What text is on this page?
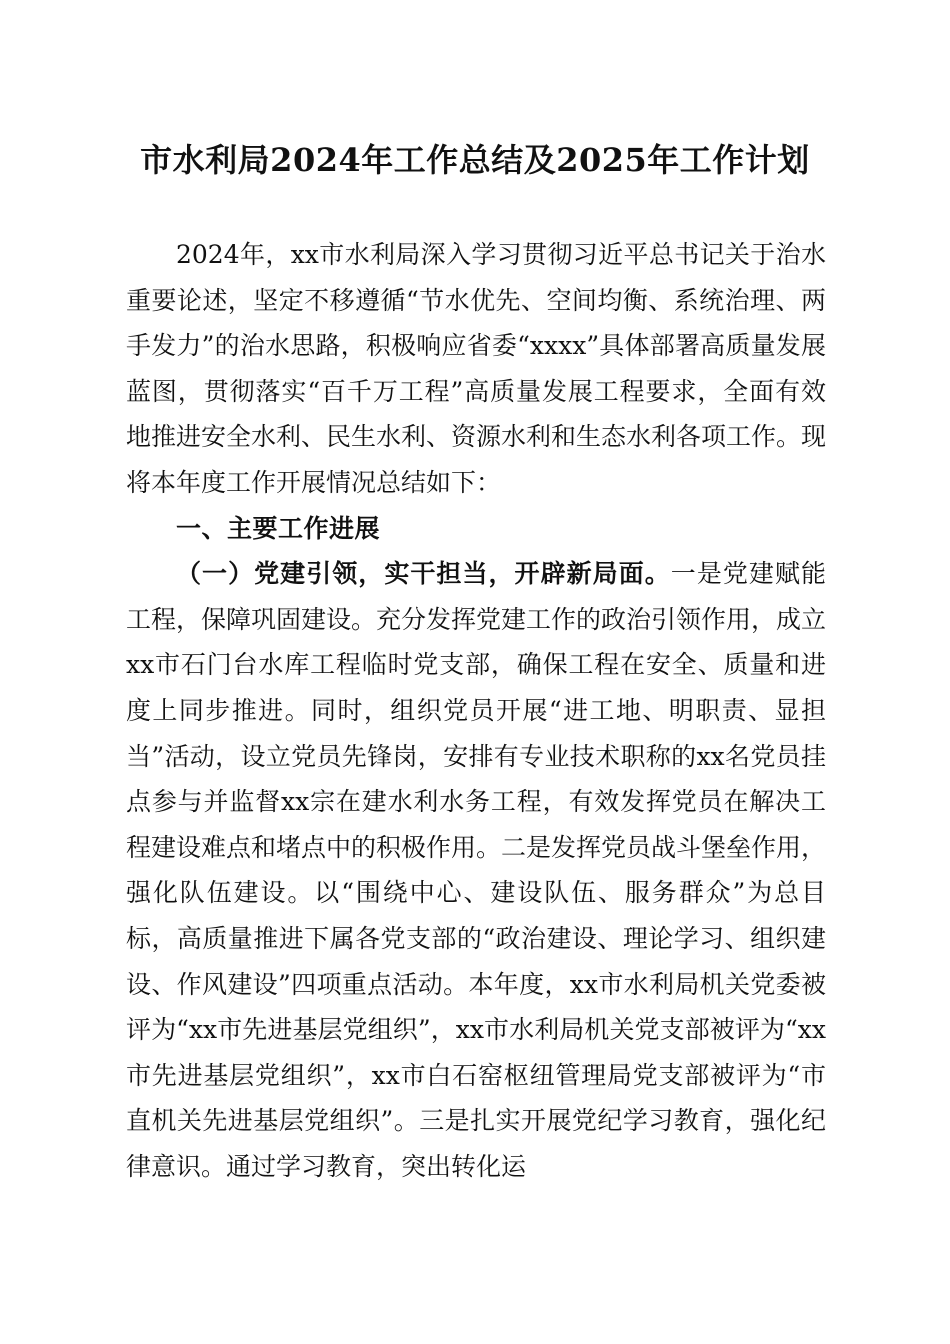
市水利局2024年工作总结及2025年工作计划

2024年，xx市水利局深入学习贯彻习近平总书记关于治水重要论述，坚定不移遵循“节水优先、空间均衡、系统治理、两手发力”的治水思路，积极响应省委“xxxx”具体部署高质量发展蓝图，贯彻落实“百千万工程”高质量发展工程要求，全面有效地推进安全水利、民生水利、资源水利和生态水利各项工作。现将本年度工作开展情况总结如下：

一、主要工作进展

（一）党建引领，实干担当，开辟新局面。一是党建赋能工程，保障巩固建设。充分发挥党建工作的政治引领作用，成立xx市石门台水库工程临时党支部，确保工程在安全、质量和进度上同步推进。同时，组织党员开展“进工地、明职责、显担当”活动，设立党员先锋岗，安排有专业技术职称的xx名党员挂点参与并监督xx宗在建水利水务工程，有效发挥党员在解决工程建设难点和堵点中的积极作用。二是发挥党员战斗堡垒作用，强化队伍建设。以“围绕中心、建设队伍、服务群众”为总目标，高质量推进下属各党支部的“政治建设、理论学习、组织建设、作风建设”四项重点活动。本年度，xx市水利局机关党委被评为“xx市先进基层党组织”，xx市水利局机关党支部被评为“xx市先进基层党组织”，xx市白石窑枢纽管理局党支部被评为“市直机关先进基层党组织”。三是扎实开展党纪学习教育，强化纪律意识。通过学习教育，突出转化运
